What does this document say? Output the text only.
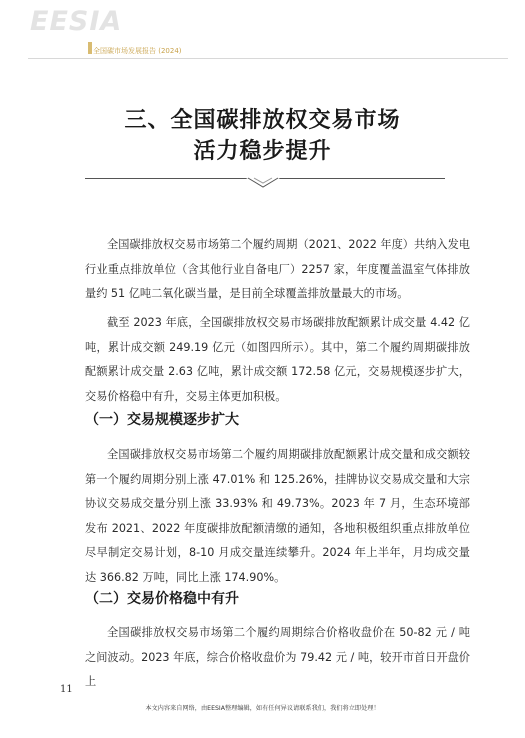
EESIA
全国碳市场发展报告 (2024)
三、全国碳排放权交易市场
活力稳步提升

全国碳排放权交易市场第二个履约周期（2021、2022 年度）共纳入发电行业重点排放单位（含其他行业自备电厂）2257 家，年度覆盖温室气体排放量约 51 亿吨二氧化碳当量，是目前全球覆盖排放量最大的市场。

截至 2023 年底，全国碳排放权交易市场碳排放配额累计成交量 4.42 亿吨，累计成交额 249.19 亿元（如图四所示）。其中，第二个履约周期碳排放配额累计成交量 2.63 亿吨，累计成交额 172.58 亿元，交易规模逐步扩大，交易价格稳中有升，交易主体更加积极。

（一）交易规模逐步扩大

全国碳排放权交易市场第二个履约周期碳排放配额累计成交量和成交额较第一个履约周期分别上涨 47.01% 和 125.26%，挂牌协议交易成交量和大宗协议交易成交量分别上涨 33.93% 和 49.73%。2023 年 7 月，生态环境部发布 2021、2022 年度碳排放配额清缴的通知，各地积极组织重点排放单位尽早制定交易计划，8-10 月成交量连续攀升。2024 年上半年，月均成交量达 366.82 万吨，同比上涨 174.90%。

（二）交易价格稳中有升

全国碳排放权交易市场第二个履约周期综合价格收盘价在 50-82 元 / 吨之间波动。2023 年底，综合价格收盘价为 79.42 元 / 吨，较开市首日开盘价上

11
本文内容来自网络，由EESIA整理编辑，如有任何异议请联系我们，我们将立即处理！
